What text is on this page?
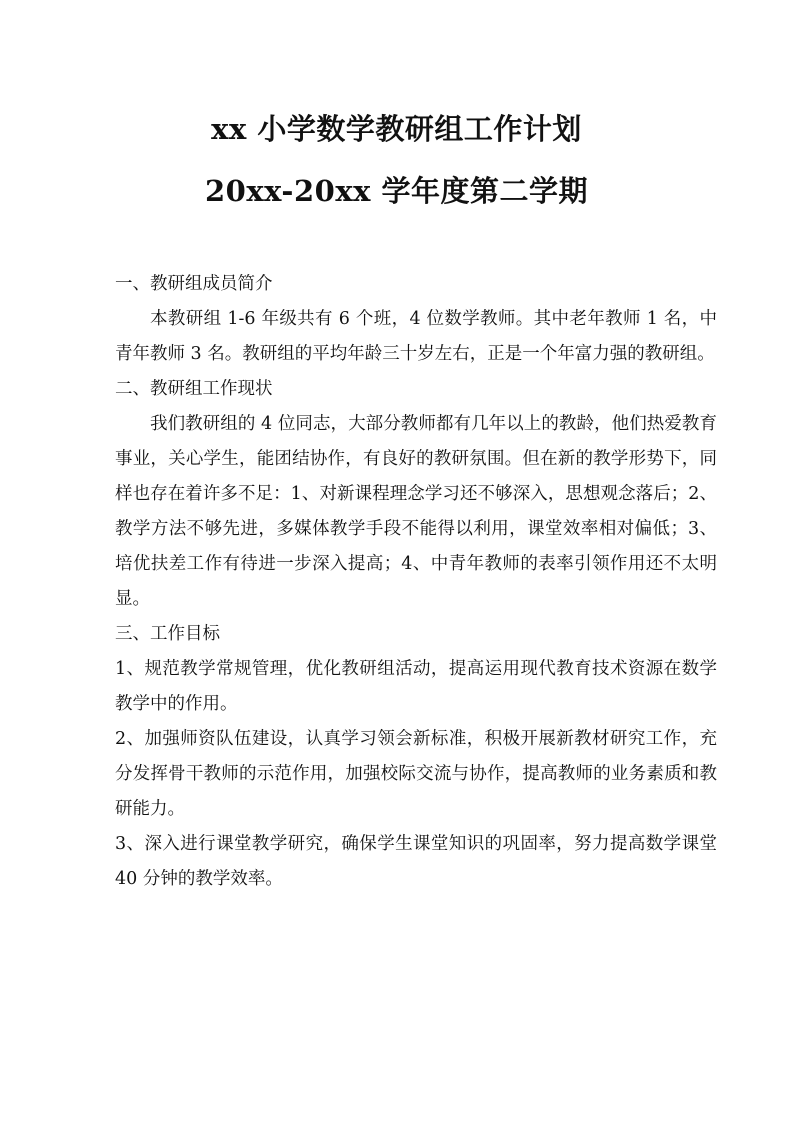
xx 小学数学教研组工作计划
20xx-20xx 学年度第二学期

一、教研组成员简介

本教研组 1-6 年级共有 6 个班，4 位数学教师。其中老年教师 1 名，中青年教师 3 名。教研组的平均年龄三十岁左右，正是一个年富力强的教研组。

二、教研组工作现状

我们教研组的 4 位同志，大部分教师都有几年以上的教龄，他们热爱教育事业，关心学生，能团结协作，有良好的教研氛围。但在新的教学形势下，同样也存在着许多不足：1、对新课程理念学习还不够深入，思想观念落后；2、教学方法不够先进，多媒体教学手段不能得以利用，课堂效率相对偏低；3、培优扶差工作有待进一步深入提高；4、中青年教师的表率引领作用还不太明显。

三、工作目标

1、规范教学常规管理，优化教研组活动，提高运用现代教育技术资源在数学教学中的作用。

2、加强师资队伍建设，认真学习领会新标准，积极开展新教材研究工作，充分发挥骨干教师的示范作用，加强校际交流与协作，提高教师的业务素质和教研能力。

3、深入进行课堂教学研究，确保学生课堂知识的巩固率，努力提高数学课堂 40 分钟的教学效率。
